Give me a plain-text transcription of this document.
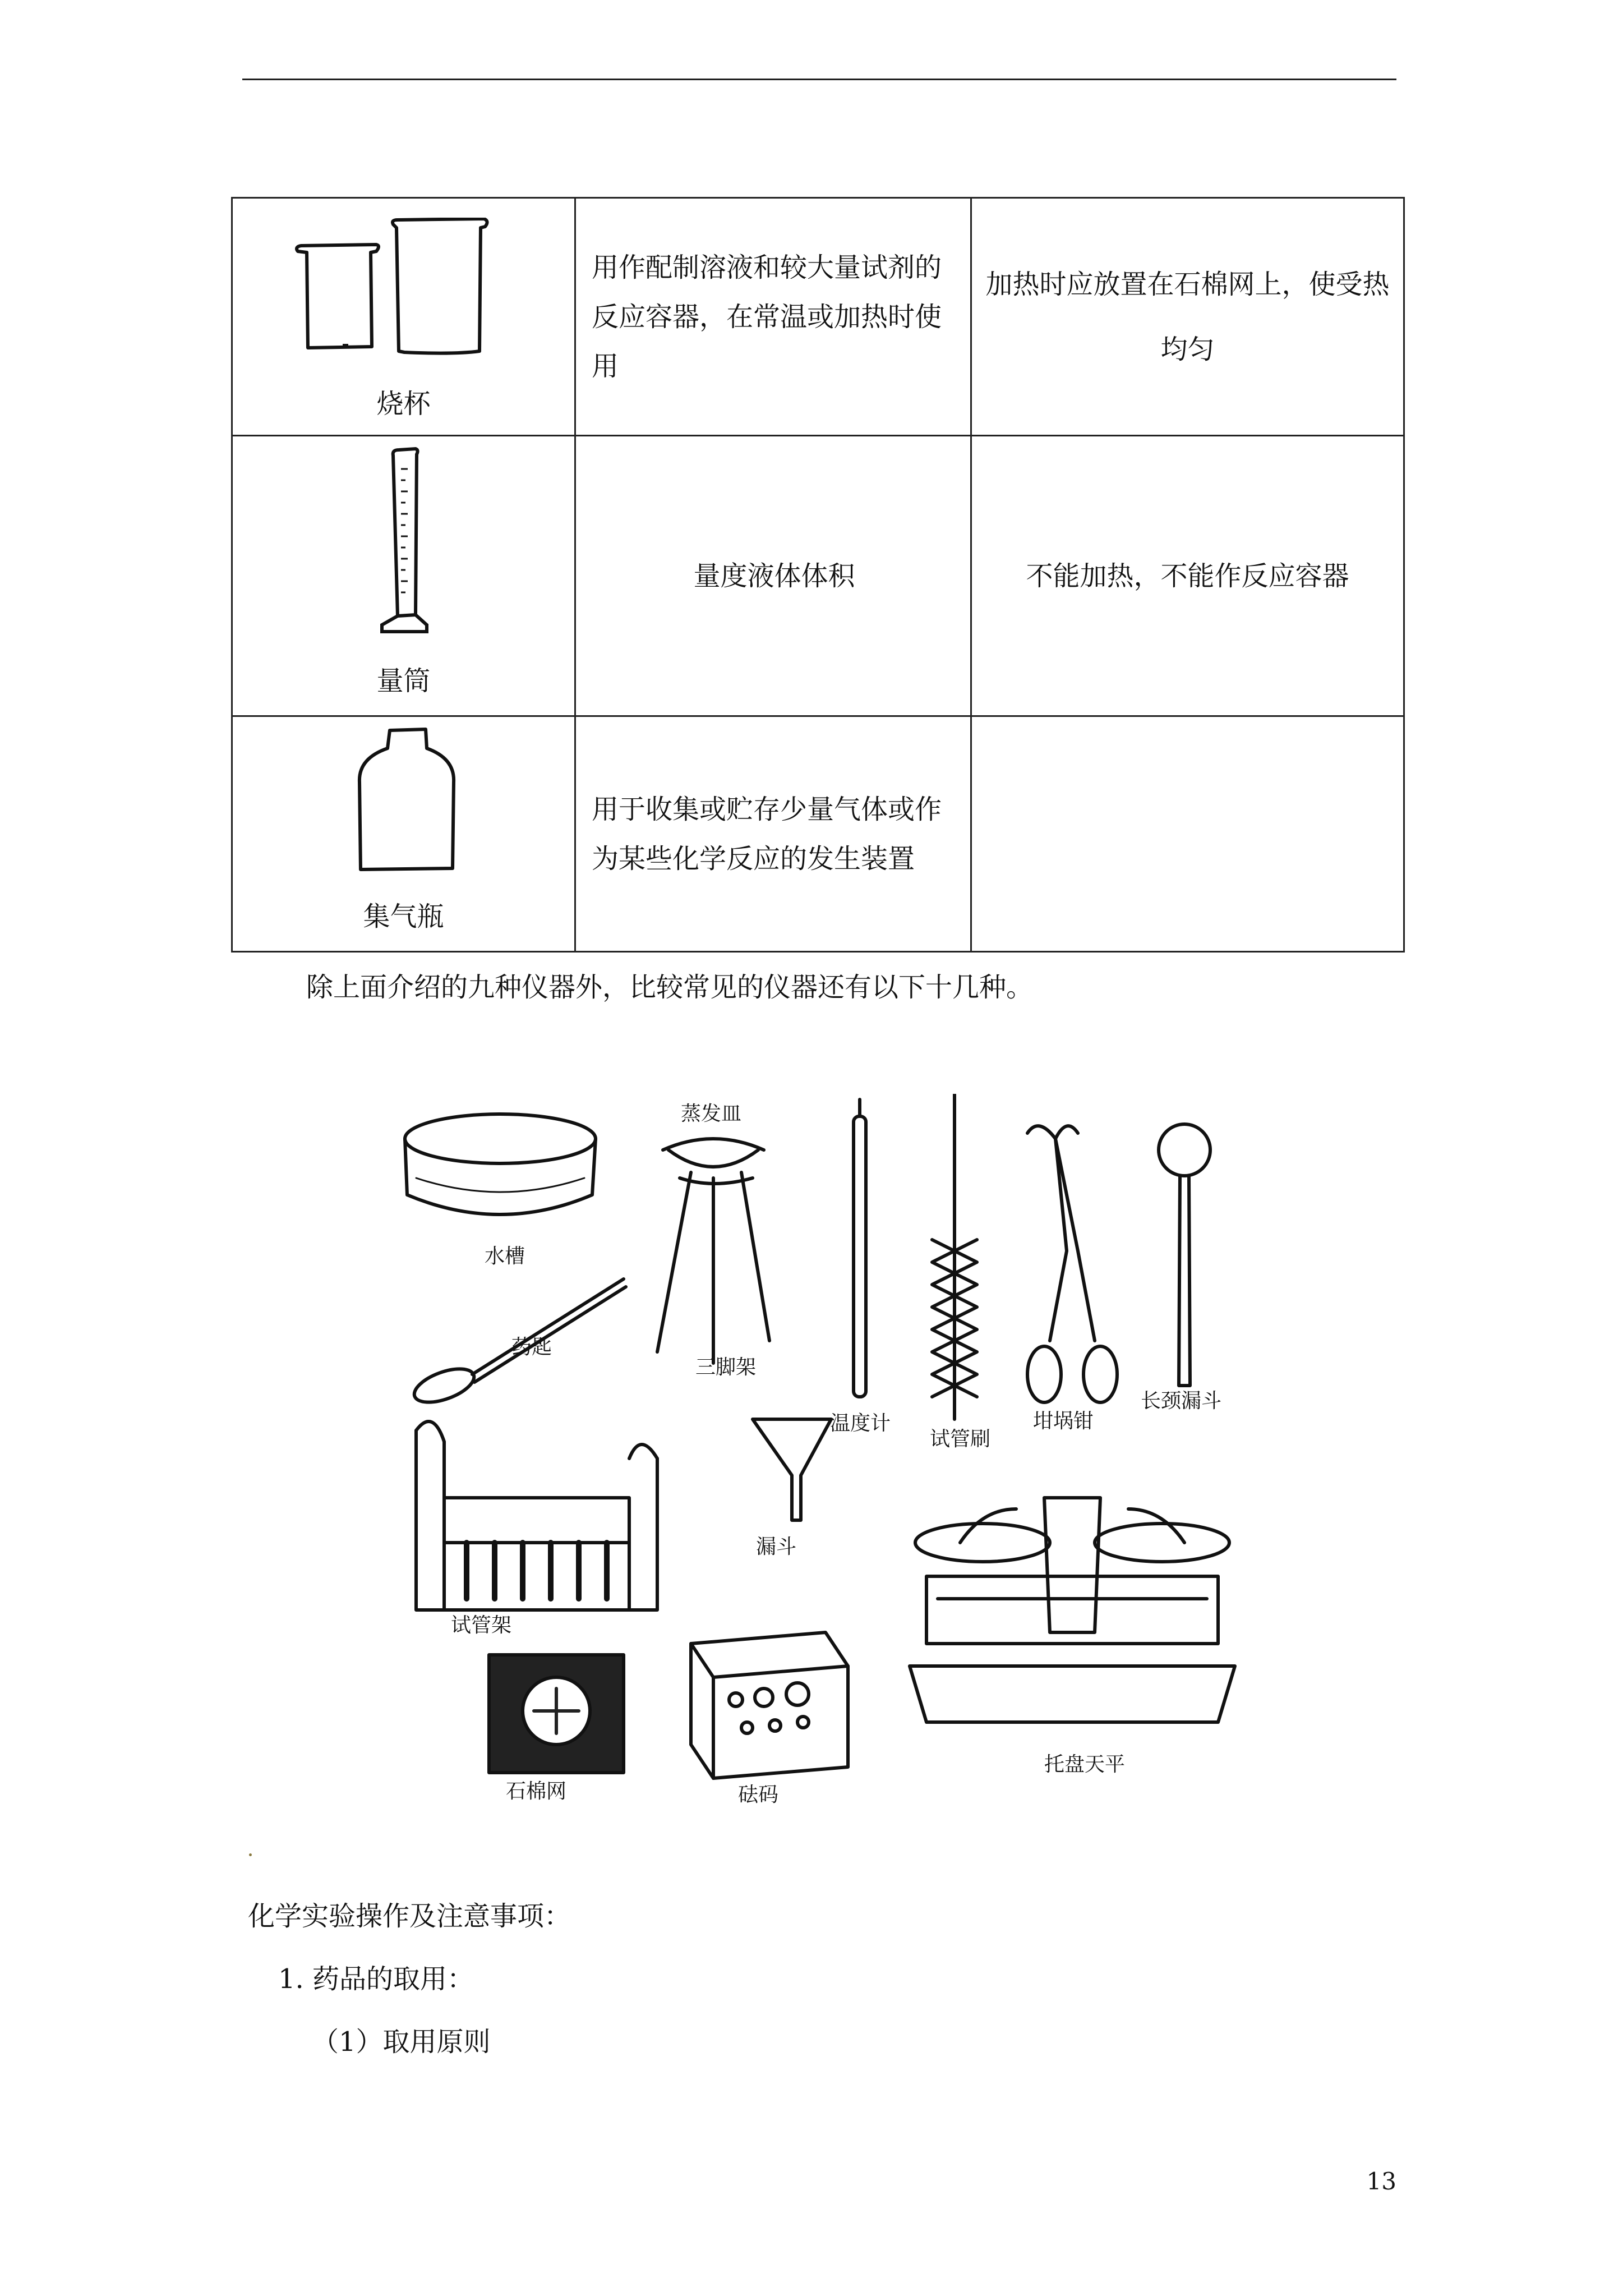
烧杯	用作配制溶液和较大量试剂的反应容器，在常温或加热时使用	加热时应放置在石棉网上，使受热均匀

量筒	量度液体体积	不能加热，不能作反应容器

集气瓶	用于收集或贮存少量气体或作为某些化学反应的发生装置	
除上面介绍的九种仪器外，比较常见的仪器还有以下十几种。
水槽
蒸发皿
三脚架
药匙
温度计
试管刷
坩埚钳
长颈漏斗
试管架
漏斗
托盘天平
石棉网	砝码
化学实验操作及注意事项：
1. 药品的取用：
（1）取用原则
13
